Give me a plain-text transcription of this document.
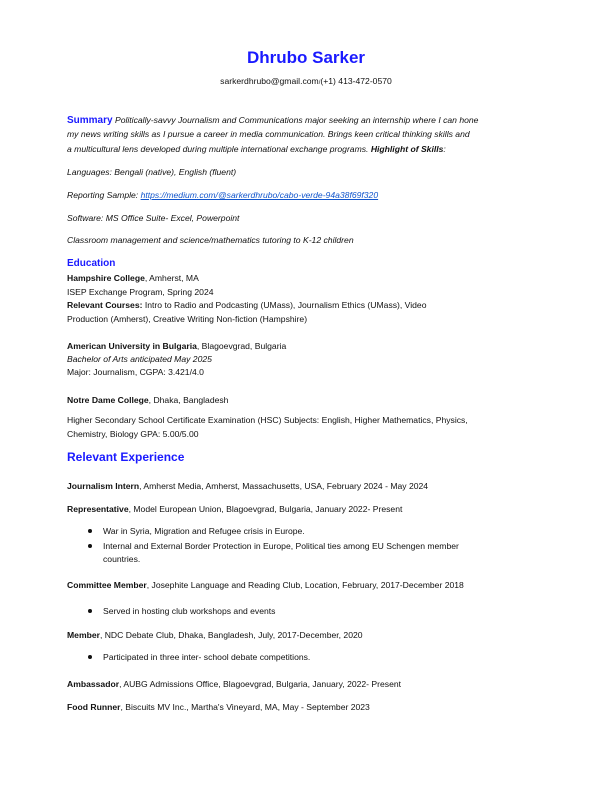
Dhrubo Sarker
sarkerdhrubo@gmail.com/(+1) 413-472-0570
Summary Politically-savvy Journalism and Communications major seeking an internship where I can hone
my news writing skills as I pursue a career in media communication. Brings keen critical thinking skills and
a multicultural lens developed during multiple international exchange programs. Highlight of Skills:
Languages: Bengali (native), English (fluent)
Reporting Sample: https://medium.com/@sarkerdhrubo/cabo-verde-94a38f69f320
Software: MS Office Suite- Excel, Powerpoint
Classroom management and science/mathematics tutoring to K-12 children
Education
Hampshire College, Amherst, MA
ISEP Exchange Program, Spring 2024
Relevant Courses: Intro to Radio and Podcasting (UMass), Journalism Ethics (UMass), Video
Production (Amherst), Creative Writing Non-fiction (Hampshire)
American University in Bulgaria, Blagoevgrad, Bulgaria
Bachelor of Arts anticipated May 2025
Major: Journalism, CGPA: 3.421/4.0
Notre Dame College, Dhaka, Bangladesh
Higher Secondary School Certificate Examination (HSC) Subjects: English, Higher Mathematics, Physics,
Chemistry, Biology GPA: 5.00/5.00
Relevant Experience
Journalism Intern, Amherst Media, Amherst, Massachusetts, USA, February 2024 - May 2024
Representative, Model European Union, Blagoevgrad, Bulgaria, January 2022- Present
War in Syria, Migration and Refugee crisis in Europe.
Internal and External Border Protection in Europe, Political ties among EU Schengen member
countries.
Committee Member, Josephite Language and Reading Club, Location, February, 2017-December 2018
Served in hosting club workshops and events
Member, NDC Debate Club, Dhaka, Bangladesh, July, 2017-December, 2020
Participated in three inter- school debate competitions.
Ambassador, AUBG Admissions Office, Blagoevgrad, Bulgaria, January, 2022- Present
Food Runner, Biscuits MV Inc., Martha's Vineyard, MA, May - September 2023
